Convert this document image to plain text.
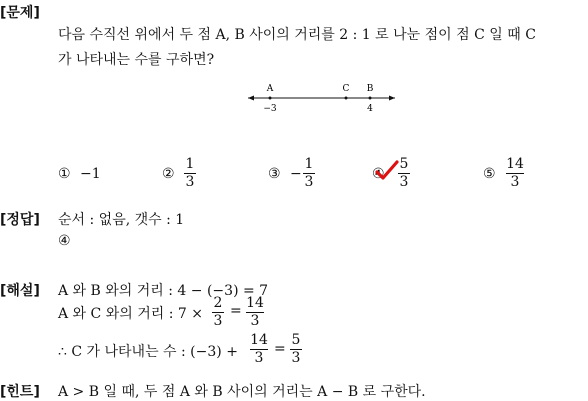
[문제]
[정답]
[해설]
[힌트]
다음 수직선 위에서 두 점 A, B 사이의 거리를 2 : 1 로 나눈 점이 점 C 일 때 C
가 나타내는 수를 구하면?
A	C B
−3	4
① −1	②
1
3	③ −
1
3	④
5
3	⑤
14
3
순서 : 없음, 갯수 : 1
④
A 와 B 와의 거리 : 4 − (−3) = 7
A 와 C 와의 거리 : 7 ×
2
3
= 14
3
∴ C 가 나타내는 수 : (−3) +
14
3
=
5
3
A > B 일 때, 두 점 A 와 B 사이의 거리는 A − B 로 구한다.
